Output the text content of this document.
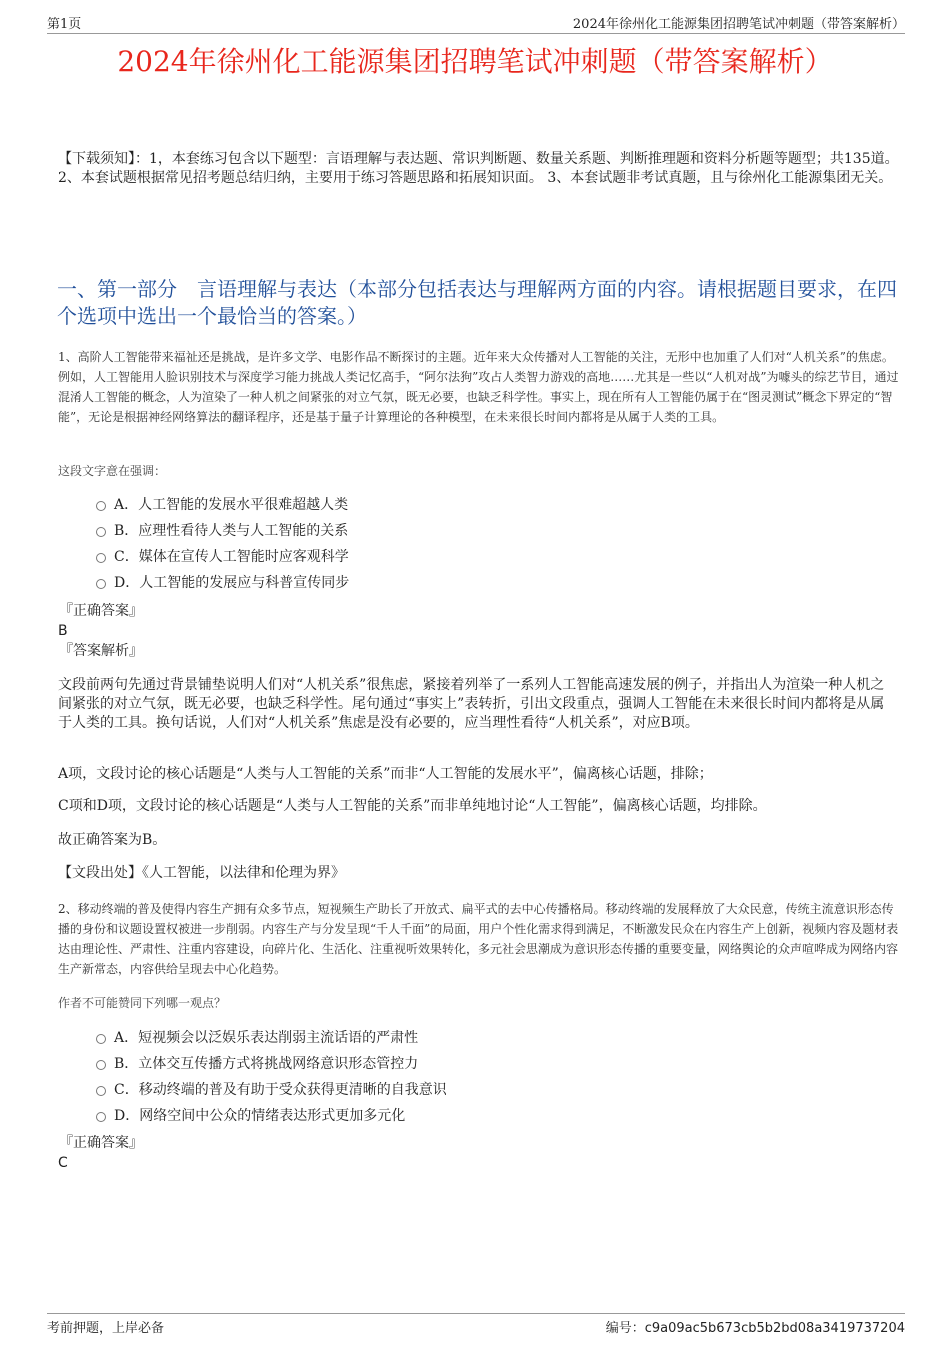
第1页	2024年徐州化工能源集团招聘笔试冲刺题（带答案解析）
2024年徐州化工能源集团招聘笔试冲刺题（带答案解析）
【下载须知】：1，本套练习包含以下题型：言语理解与表达题、常识判断题、数量关系题、判断推理题和资料分析题等题型；共135道。 2、本套试题根据常见招考题总结归纳，主要用于练习答题思路和拓展知识面。 3、本套试题非考试真题，且与徐州化工能源集团无关。
一、第一部分　言语理解与表达（本部分包括表达与理解两方面的内容。请根据题目要求，在四个选项中选出一个最恰当的答案。）
1、高阶人工智能带来福祉还是挑战，是许多文学、电影作品不断探讨的主题。近年来大众传播对人工智能的关注，无形中也加重了人们对“人机关系”的焦虑。例如，人工智能用人脸识别技术与深度学习能力挑战人类记忆高手，“阿尔法狗”攻占人类智力游戏的高地……尤其是一些以“人机对战”为噱头的综艺节目，通过混淆人工智能的概念，人为渲染了一种人机之间紧张的对立气氛，既无必要，也缺乏科学性。事实上，现在所有人工智能仍属于在“图灵测试”概念下界定的“智能”，无论是根据神经网络算法的翻译程序，还是基于量子计算理论的各种模型，在未来很长时间内都将是从属于人类的工具。
这段文字意在强调：
A．人工智能的发展水平很难超越人类
B．应理性看待人类与人工智能的关系
C．媒体在宣传人工智能时应客观科学
D．人工智能的发展应与科普宣传同步
『正确答案』
B
『答案解析』
文段前两句先通过背景铺垫说明人们对“人机关系”很焦虑，紧接着列举了一系列人工智能高速发展的例子，并指出人为渲染一种人机之间紧张的对立气氛，既无必要，也缺乏科学性。尾句通过“事实上”表转折，引出文段重点，强调人工智能在未来很长时间内都将是从属于人类的工具。换句话说，人们对“人机关系”焦虑是没有必要的，应当理性看待“人机关系”，对应B项。
A项，文段讨论的核心话题是“人类与人工智能的关系”而非“人工智能的发展水平”，偏离核心话题，排除；
C项和D项，文段讨论的核心话题是“人类与人工智能的关系”而非单纯地讨论“人工智能”，偏离核心话题，均排除。
故正确答案为B。
【文段出处】《人工智能，以法律和伦理为界》
2、移动终端的普及使得内容生产拥有众多节点，短视频生产助长了开放式、扁平式的去中心传播格局。移动终端的发展释放了大众民意，传统主流意识形态传播的身份和议题设置权被进一步削弱。内容生产与分发呈现“千人千面”的局面，用户个性化需求得到满足，不断激发民众在内容生产上创新，视频内容及题材表达由理论性、严肃性、注重内容建设，向碎片化、生活化、注重视听效果转化，多元社会思潮成为意识形态传播的重要变量，网络舆论的众声喧哗成为网络内容生产新常态，内容供给呈现去中心化趋势。
作者不可能赞同下列哪一观点？
A．短视频会以泛娱乐表达削弱主流话语的严肃性
B．立体交互传播方式将挑战网络意识形态管控力
C．移动终端的普及有助于受众获得更清晰的自我意识
D．网络空间中公众的情绪表达形式更加多元化
『正确答案』
C
考前押题，上岸必备	编号：c9a09ac5b673cb5b2bd08a3419737204
